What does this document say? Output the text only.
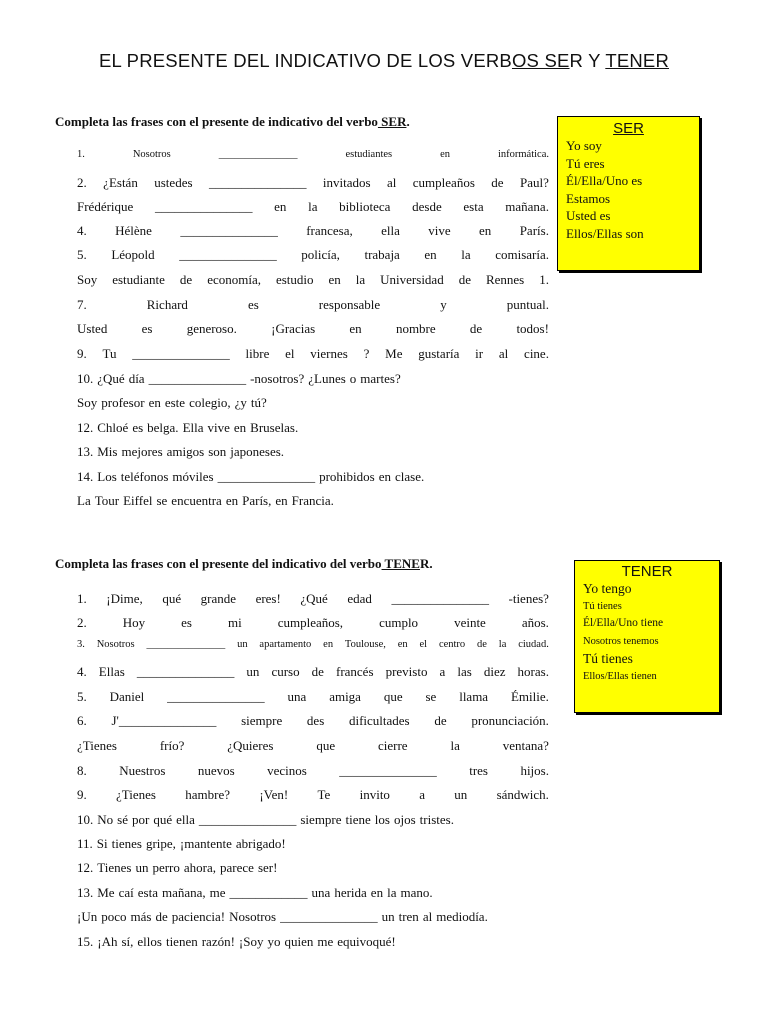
EL PRESENTE DEL INDICATIVO DE LOS VERBOS SER Y TENER
Completa las frases con el presente de indicativo del verbo SER.
1.	Nosotros	_______________	estudiantes	en	informática.
2. ¿Están ustedes _______________ invitados al cumpleaños de Paul?
Frédérique _______________ en la biblioteca desde esta mañana.
4. Hélène _______________ francesa, ella vive en París.
5. Léopold _______________ policía, trabaja en la comisaría.
Soy estudiante de economía, estudio en la Universidad de Rennes 1.
7.	Richard	es	responsable	y	puntual.
Usted	es	generoso.	¡Gracias	en	nombre	de	todos!
9. Tu _______________ libre el viernes ? Me gustaría ir al cine.
10. ¿Qué día _______________ -nosotros? ¿Lunes o martes?
Soy profesor en este colegio, ¿y tú?
12. Chloé es belga. Ella vive en Bruselas.
13. Mis mejores amigos son japoneses.
14. Los teléfonos móviles _______________ prohibidos en clase.
La Tour Eiffel se encuentra en París, en Francia.
SER
Yo soy
Tú eres
Él/Ella/Uno es
Estamos
Usted es
Ellos/Ellas son
Completa las frases con el presente del indicativo del verbo TENER.
1. ¡Dime, qué grande eres! ¿Qué edad _______________ -tienes?
2.	Hoy	es	mi	cumpleaños,	cumplo	veinte	años.
3. Nosotros _______________ un apartamento en Toulouse, en el centro de la ciudad.
4. Ellas _______________ un curso de francés previsto a las diez horas.
5. Daniel _______________ una amiga que se llama Émilie.
6. J'_______________ siempre des dificultades de pronunciación.
¿Tienes	frío?	¿Quieres	que	cierre	la	ventana?
8. Nuestros nuevos vecinos _______________ tres hijos.
9. ¿Tienes hambre? ¡Ven! Te invito a un sándwich.
10. No sé por qué ella _______________ siempre tiene los ojos tristes.
11. Si tienes gripe, ¡mantente abrigado!
12. Tienes un perro ahora, parece ser!
13. Me caí esta mañana, me ____________ una herida en la mano.
¡Un poco más de paciencia! Nosotros _______________ un tren al mediodía.
15. ¡Ah sí, ellos tienen razón! ¡Soy yo quien me equivoqué!
TENER
Yo tengo
Tú tienes
Él/Ella/Uno tiene
Nosotros tenemos
Tú tienes
Ellos/Ellas tienen
